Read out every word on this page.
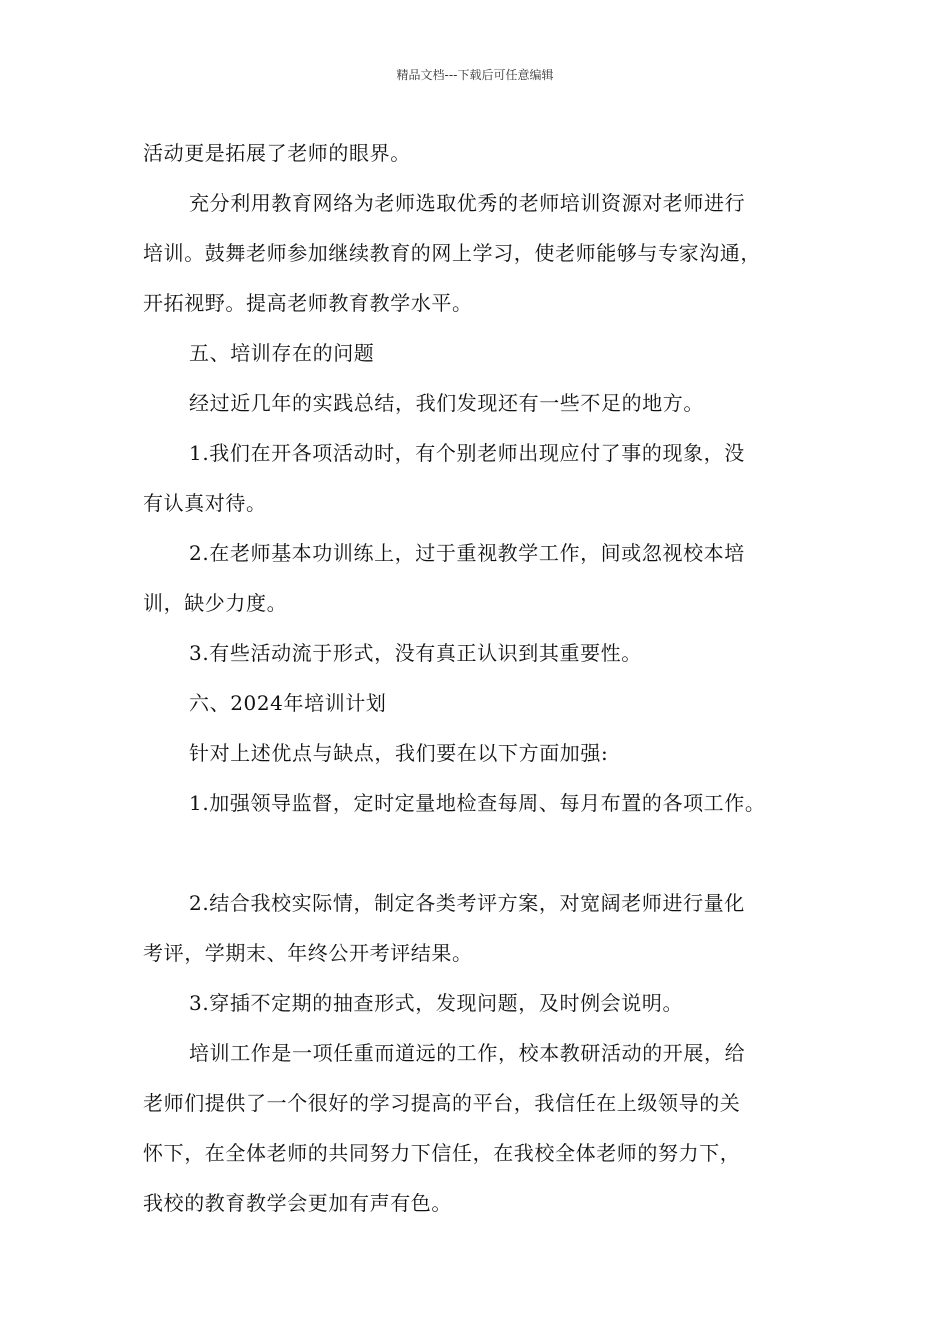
精品文档---下载后可任意编辑
活动更是拓展了老师的眼界。
充分利用教育网络为老师选取优秀的老师培训资源对老师进行
培训。鼓舞老师参加继续教育的网上学习，使老师能够与专家沟通，
开拓视野。提高老师教育教学水平。
五、培训存在的问题
经过近几年的实践总结，我们发现还有一些不足的地方。
1.我们在开各项活动时，有个别老师出现应付了事的现象，没
有认真对待。
2.在老师基本功训练上，过于重视教学工作，间或忽视校本培
训，缺少力度。
3.有些活动流于形式，没有真正认识到其重要性。
六、2024年培训计划
针对上述优点与缺点，我们要在以下方面加强:
1.加强领导监督，定时定量地检查每周、每月布置的各项工作。
2.结合我校实际情，制定各类考评方案，对宽阔老师进行量化
考评，学期末、年终公开考评结果。
3.穿插不定期的抽查形式，发现问题，及时例会说明。
培训工作是一项任重而道远的工作，校本教研活动的开展，给
老师们提供了一个很好的学习提高的平台，我信任在上级领导的关
怀下，在全体老师的共同努力下信任，在我校全体老师的努力下，
我校的教育教学会更加有声有色。
